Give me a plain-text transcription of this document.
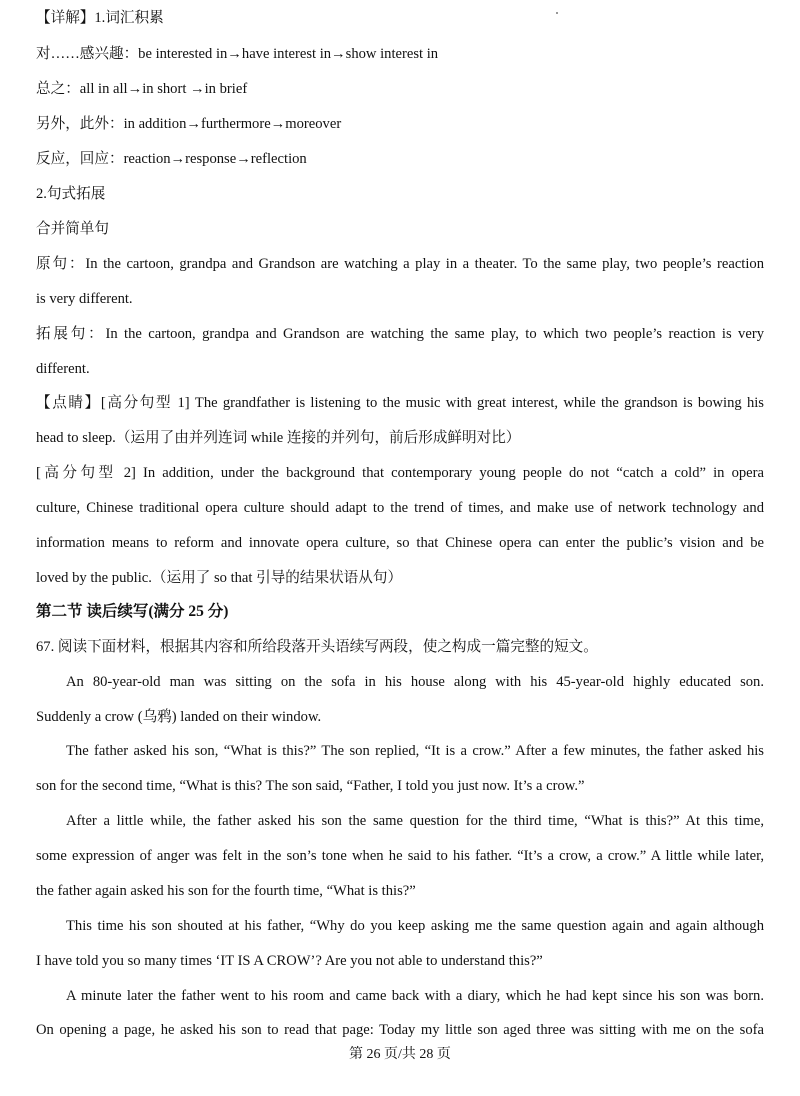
【详解】1.词汇积累
对……感兴趣：be interested in→have interest in→show interest in
总之：all in all→in short →in brief
另外，此外：in addition→furthermore→moreover
反应，回应：reaction→response→reflection
2.句式拓展
合并简单句
原句：In the cartoon, grandpa and Grandson are watching a play in a theater. To the same play, two people’s reaction
is very different.
拓展句：In the cartoon, grandpa and Grandson are watching the same play, to which two people’s reaction is very
different.
【点睛】[高分句型 1] The grandfather is listening to the music with great interest, while the grandson is bowing his
head to sleep.（运用了由并列连词 while 连接的并列句，前后形成鲜明对比）
[高分句型 2] In addition, under the background that contemporary young people do not “catch a cold” in opera
culture, Chinese traditional opera culture should adapt to the trend of times, and make use of network technology and
information means to reform and innovate opera culture, so that Chinese opera can enter the public’s vision and be
loved by the public.（运用了 so that 引导的结果状语从句）
第二节 读后续写(满分 25 分)
67. 阅读下面材料，根据其内容和所给段落开头语续写两段，使之构成一篇完整的短文。
An 80-year-old man was sitting on the sofa in his house along with his 45-year-old highly educated son.
Suddenly a crow (乌鸦) landed on their window.
The father asked his son, “What is this?” The son replied, “It is a crow.” After a few minutes, the father asked his
son for the second time, “What is this? The son said, “Father, I told you just now. It’s a crow.”
After a little while, the father asked his son the same question for the third time, “What is this?” At this time,
some expression of anger was felt in the son’s tone when he said to his father. “It’s a crow, a crow.” A little while later,
the father again asked his son for the fourth time, “What is this?”
This time his son shouted at his father, “Why do you keep asking me the same question again and again although
I have told you so many times ‘IT IS A CROW’? Are you not able to understand this?”
A minute later the father went to his room and came back with a diary, which he had kept since his son was born.
On opening a page, he asked his son to read that page: Today my little son aged three was sitting with me on the sofa
第 26 页/共 28 页
